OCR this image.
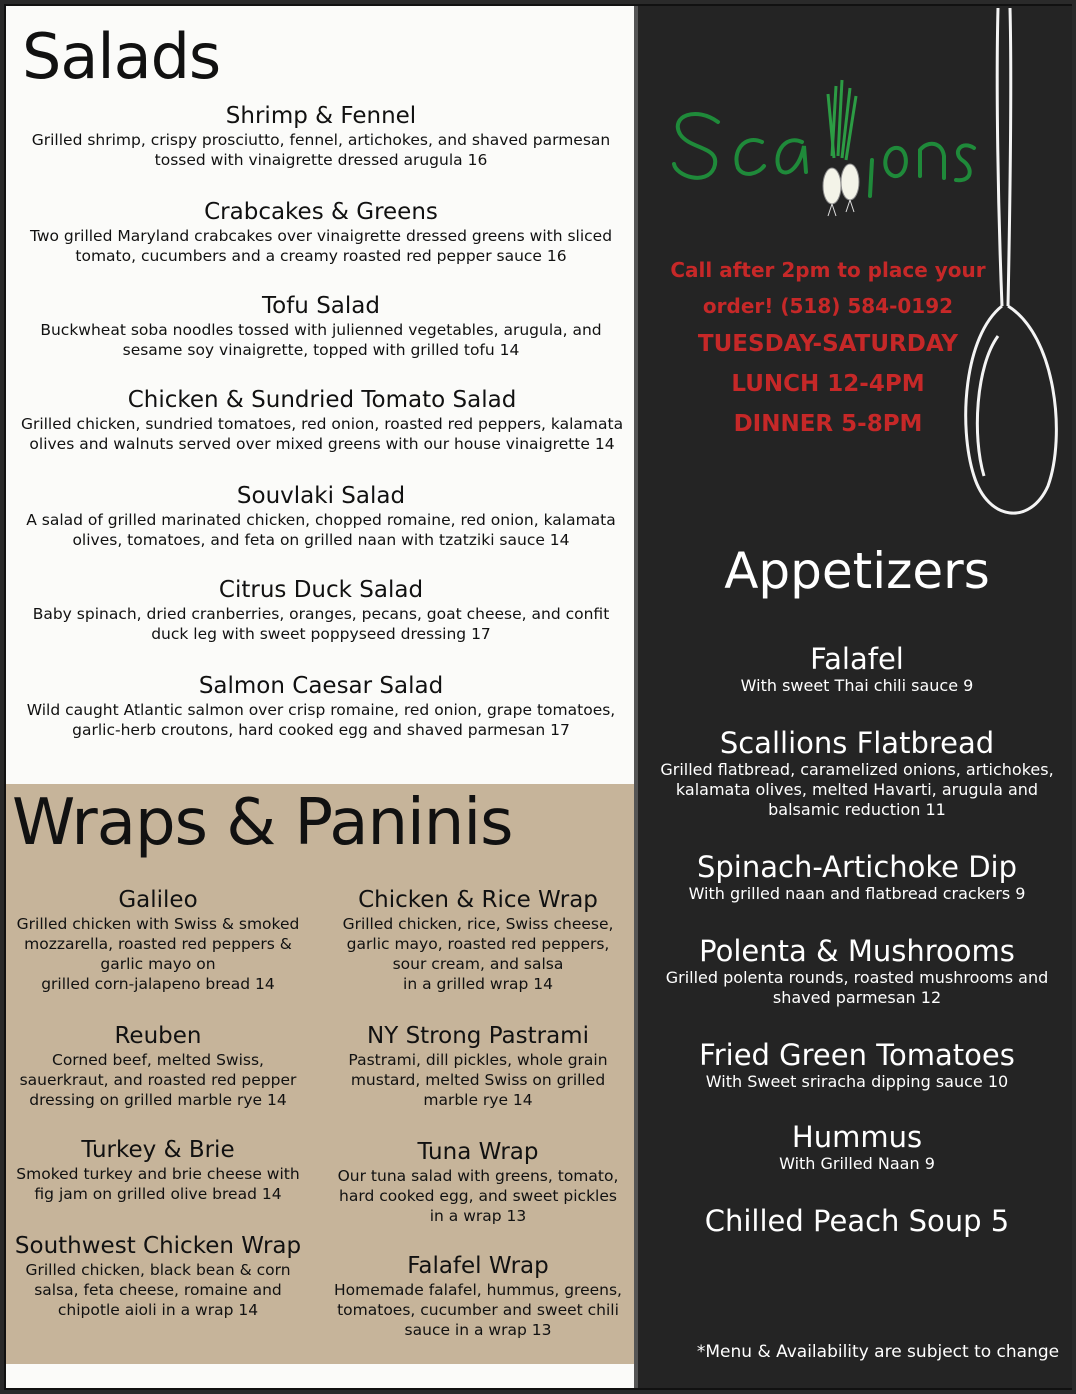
Salads
Shrimp & Fennel
Grilled shrimp, crispy prosciutto, fennel, artichokes, and shaved parmesan
tossed with vinaigrette dressed arugula 16
Crabcakes & Greens
Two grilled Maryland crabcakes over vinaigrette dressed greens with sliced
tomato, cucumbers and a creamy roasted red pepper sauce 16
Tofu Salad
Buckwheat soba noodles tossed with julienned vegetables, arugula, and
sesame soy vinaigrette, topped with grilled tofu 14
Chicken & Sundried Tomato Salad
Grilled chicken, sundried tomatoes, red onion, roasted red peppers, kalamata
olives and walnuts served over mixed greens with our house vinaigrette 14
Souvlaki Salad
A salad of grilled marinated chicken, chopped romaine, red onion, kalamata
olives, tomatoes, and feta on grilled naan with tzatziki sauce 14
Citrus Duck Salad
Baby spinach, dried cranberries, oranges, pecans, goat cheese, and confit
duck leg with sweet poppyseed dressing 17
Salmon Caesar Salad
Wild caught Atlantic salmon over crisp romaine, red onion, grape tomatoes,
garlic-herb croutons, hard cooked egg and shaved parmesan 17
Wraps & Paninis
Galileo
Grilled chicken with Swiss & smoked
mozzarella, roasted red peppers &
garlic mayo on
grilled corn-jalapeno bread 14
Reuben
Corned beef, melted Swiss,
sauerkraut, and roasted red pepper
dressing on grilled marble rye 14
Turkey & Brie
Smoked turkey and brie cheese with
fig jam on grilled olive bread 14
Southwest Chicken Wrap
Grilled chicken, black bean & corn
salsa, feta cheese, romaine and
chipotle aioli in a wrap 14
Chicken & Rice Wrap
Grilled chicken, rice, Swiss cheese,
garlic mayo, roasted red peppers,
sour cream, and salsa
in a grilled wrap 14
NY Strong Pastrami
Pastrami, dill pickles, whole grain
mustard, melted Swiss on grilled
marble rye 14
Tuna Wrap
Our tuna salad with greens, tomato,
hard cooked egg, and sweet pickles
in a wrap 13
Falafel Wrap
Homemade falafel, hummus, greens,
tomatoes, cucumber and sweet chili
sauce in a wrap 13
Call after 2pm to place your
order! (518) 584-0192
TUESDAY-SATURDAY
LUNCH 12-4PM
DINNER 5-8PM
Appetizers
Falafel
With sweet Thai chili sauce 9
Scallions Flatbread
Grilled flatbread, caramelized onions, artichokes,
kalamata olives, melted Havarti, arugula and
balsamic reduction 11
Spinach-Artichoke Dip
With grilled naan and flatbread crackers 9
Polenta & Mushrooms
Grilled polenta rounds, roasted mushrooms and
shaved parmesan 12
Fried Green Tomatoes
With Sweet sriracha dipping sauce 10
Hummus
With Grilled Naan 9
Chilled Peach Soup 5
*Menu & Availability are subject to change
